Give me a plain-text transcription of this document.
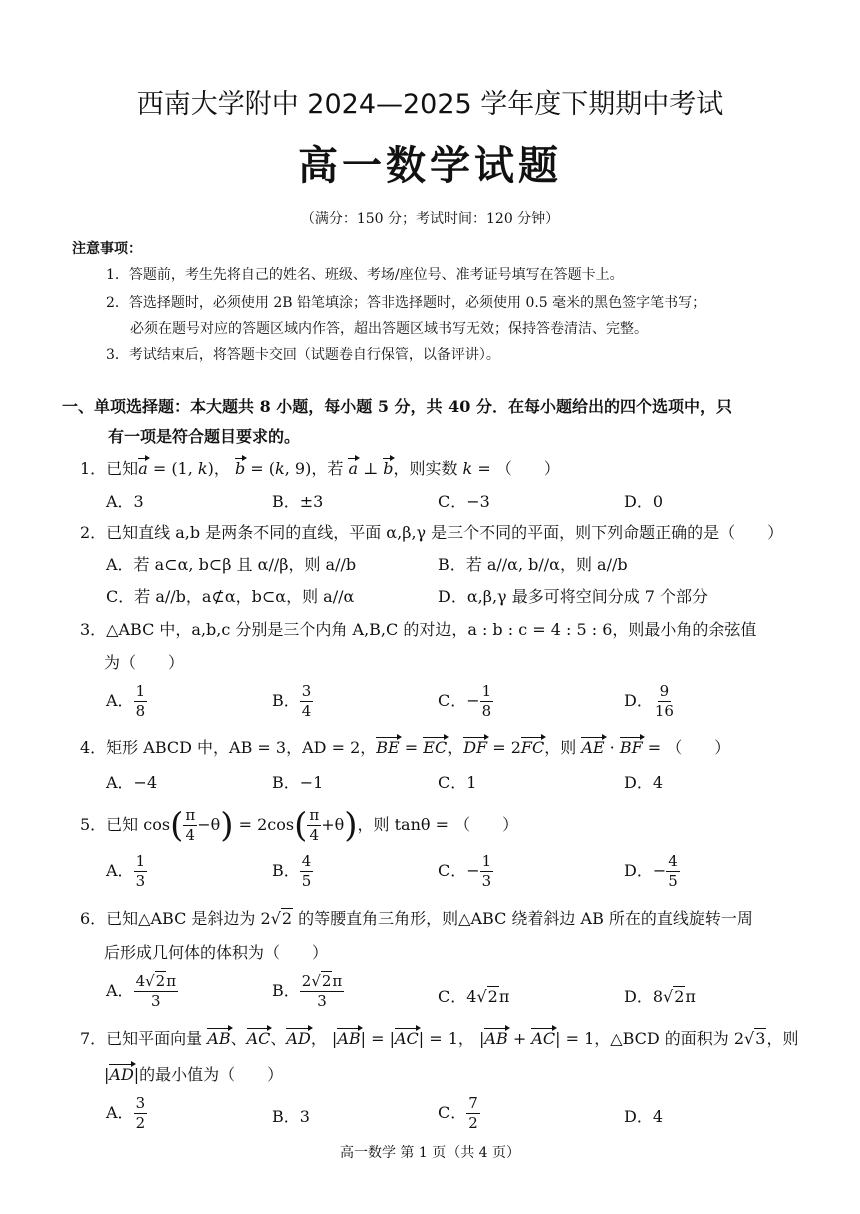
西南大学附中 2024—2025 学年度下期期中考试
高一数学试题
（满分：150 分；考试时间：120 分钟）
注意事项：
1．答题前，考生先将自己的姓名、班级、考场/座位号、准考证号填写在答题卡上。
2．答选择题时，必须使用 2B 铅笔填涂；答非选择题时，必须使用 0.5 毫米的黑色签字笔书写；
必须在题号对应的答题区域内作答，超出答题区域书写无效；保持答卷清洁、完整。
3．考试结束后，将答题卡交回（试题卷自行保管，以备评讲）。
一、单项选择题：本大题共 8 小题，每小题 5 分，共 40 分．在每小题给出的四个选项中，只
有一项是符合题目要求的。
1．已知a = (1, k)， b = (k, 9)，若 a ⊥ b，则实数 k = （　　）
A．3	B．±3	C．−3	D．0
2．已知直线 a,b 是两条不同的直线，平面 α,β,γ 是三个不同的平面，则下列命题正确的是（　　）
A．若 a⊂α, b⊂β 且 α//β，则 a//b	B．若 a//α, b//α，则 a//b
C．若 a//b，a⊄α，b⊂α，则 a//α	D．α,β,γ 最多可将空间分成 7 个部分
3．△ABC 中，a,b,c 分别是三个内角 A,B,C 的对边，a : b : c = 4 : 5 : 6，则最小角的余弦值
为（　　）
A． $\frac{1}{8}$	B． $\frac{3}{4}$	C．− $\frac{1}{8}$	D． $\frac{9}{16}$
4．矩形 ABCD 中，AB = 3，AD = 2，BE = EC，DF = 2FC，则 AE · BF = （　　）
A．−4	B．−1	C．1	D．4
5．已知 $\cos( \frac{\pi}{4} -\theta) = 2\cos( \frac{\pi}{4} +\theta)$，则 tanθ = （　　）
A． $\frac{1}{3}$	B． $\frac{4}{5}$	C．− $\frac{1}{3}$	D．− $\frac{4}{5}$
6．已知△ABC 是斜边为 2√2 的等腰直角三角形，则△ABC 绕着斜边 AB 所在的直线旋转一周
后形成几何体的体积为（　　）
A． $\frac{4√2\pi}{3}$	B． $\frac{2√2\pi}{3}$	C．4√2π	D．8√2π
7．已知平面向量 AB、AC、AD， |AB| = |AC| = 1， |AB + AC| = 1，△BCD 的面积为 2√3，则
|AD|的最小值为（　　）
A． $\frac{3}{2}$	B．3	C． $\frac{7}{2}$	D．4
高一数学 第 1 页（共 4 页）
